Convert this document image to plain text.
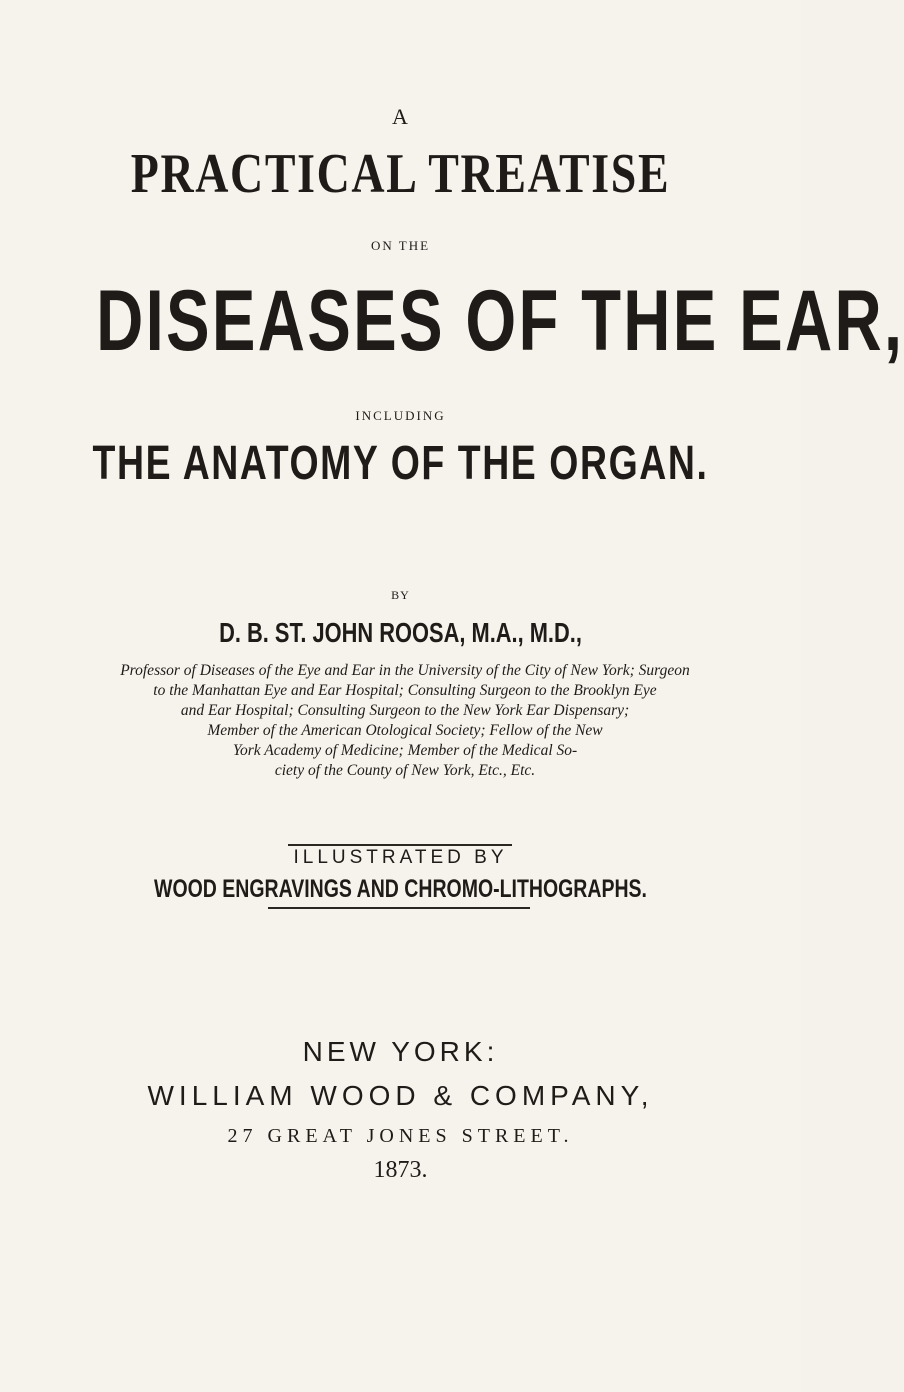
A
PRACTICAL TREATISE
ON THE
DISEASES OF THE EAR,
INCLUDING
THE ANATOMY OF THE ORGAN.
BY
D. B. ST. JOHN ROOSA, M.A., M.D.,
Professor of Diseases of the Eye and Ear in the University of the City of New York; Surgeon
to the Manhattan Eye and Ear Hospital; Consulting Surgeon to the Brooklyn Eye
and Ear Hospital; Consulting Surgeon to the New York Ear Dispensary;
Member of the American Otological Society; Fellow of the New
York Academy of Medicine; Member of the Medical So-
ciety of the County of New York, Etc., Etc.
ILLUSTRATED BY
WOOD ENGRAVINGS AND CHROMO-LITHOGRAPHS.
NEW YORK:
WILLIAM WOOD & COMPANY,
27 GREAT JONES STREET.
1873.
